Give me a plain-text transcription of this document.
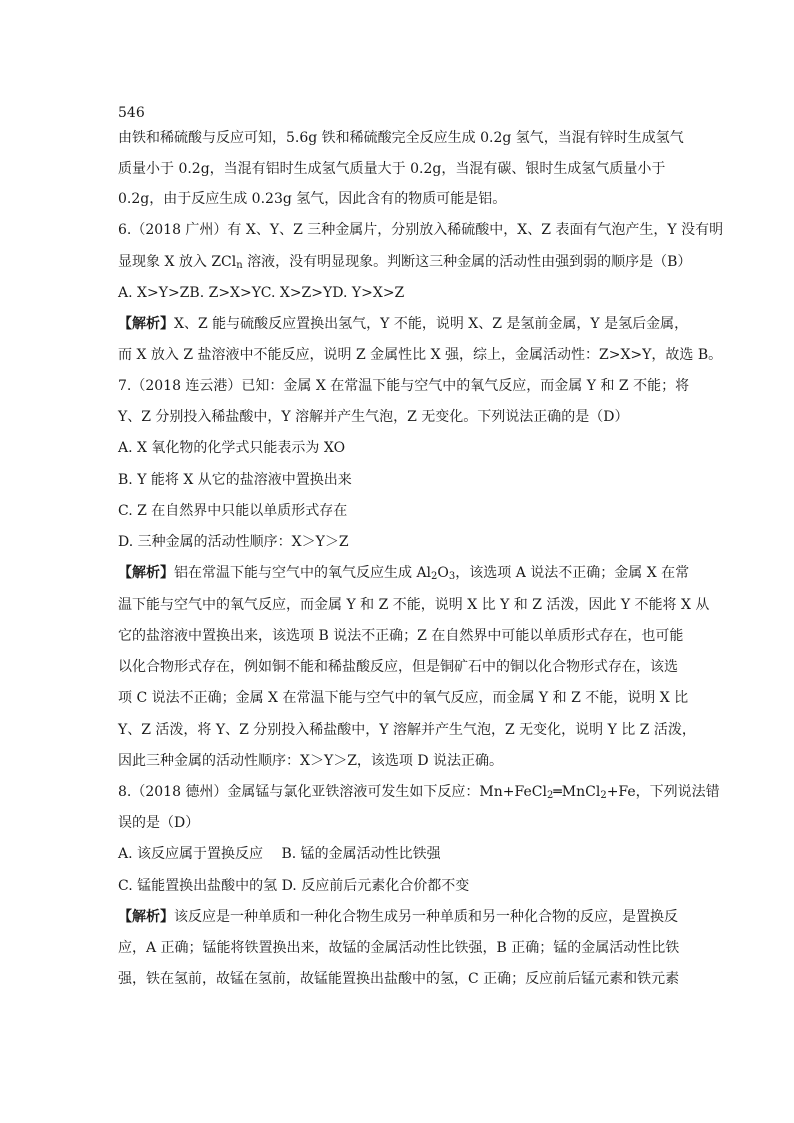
546
由铁和稀硫酸与反应可知，5.6g 铁和稀硫酸完全反应生成 0.2g 氢气，当混有锌时生成氢气
质量小于 0.2g，当混有铝时生成氢气质量大于 0.2g，当混有碳、银时生成氢气质量小于
0.2g，由于反应生成 0.23g 氢气，因此含有的物质可能是铝。
6.（2018 广州）有 X、Y、Z 三种金属片，分别放入稀硫酸中，X、Z 表面有气泡产生，Y 没有明
显现象 X 放入 ZCl$_n$ 溶液，没有明显现象。判断这三种金属的活动性由强到弱的顺序是（B）
A. X>Y>ZB. Z>X>YC. X>Z>YD. Y>X>Z
【解析】X、Z 能与硫酸反应置换出氢气，Y 不能，说明 X、Z 是氢前金属，Y 是氢后金属，
而 X 放入 Z 盐溶液中不能反应，说明 Z 金属性比 X 强，综上，金属活动性：Z>X>Y，故选 B。
7.（2018 连云港）已知：金属 X 在常温下能与空气中的氧气反应，而金属 Y 和 Z 不能；将
Y、Z 分别投入稀盐酸中，Y 溶解并产生气泡，Z 无变化。下列说法正确的是（D）
A. X 氧化物的化学式只能表示为 XO
B. Y 能将 X 从它的盐溶液中置换出来
C. Z 在自然界中只能以单质形式存在
D. 三种金属的活动性顺序：X＞Y＞Z
【解析】铝在常温下能与空气中的氧气反应生成 $Al_2O_3$，该选项 A 说法不正确；金属 X 在常
温下能与空气中的氧气反应，而金属 Y 和 Z 不能，说明 X 比 Y 和 Z 活泼，因此 Y 不能将 X 从
它的盐溶液中置换出来，该选项 B 说法不正确；Z 在自然界中可能以单质形式存在，也可能
以化合物形式存在，例如铜不能和稀盐酸反应，但是铜矿石中的铜以化合物形式存在，该选
项 C 说法不正确；金属 X 在常温下能与空气中的氧气反应，而金属 Y 和 Z 不能，说明 X 比
Y、Z 活泼，将 Y、Z 分别投入稀盐酸中，Y 溶解并产生气泡，Z 无变化，说明 Y 比 Z 活泼，
因此三种金属的活动性顺序：X＞Y＞Z，该选项 D 说法正确。
8.（2018 德州）金属锰与氯化亚铁溶液可发生如下反应：Mn+FeCl$_2$═MnCl$_2$+Fe，下列说法错
误的是（D）
A. 该反应属于置换反应　 B. 锰的金属活动性比铁强
C. 锰能置换出盐酸中的氢 D. 反应前后元素化合价都不变
【解析】该反应是一种单质和一种化合物生成另一种单质和另一种化合物的反应，是置换反
应，A 正确；锰能将铁置换出来，故锰的金属活动性比铁强，B 正确；锰的金属活动性比铁
强，铁在氢前，故锰在氢前，故锰能置换出盐酸中的氢，C 正确；反应前后锰元素和铁元素
